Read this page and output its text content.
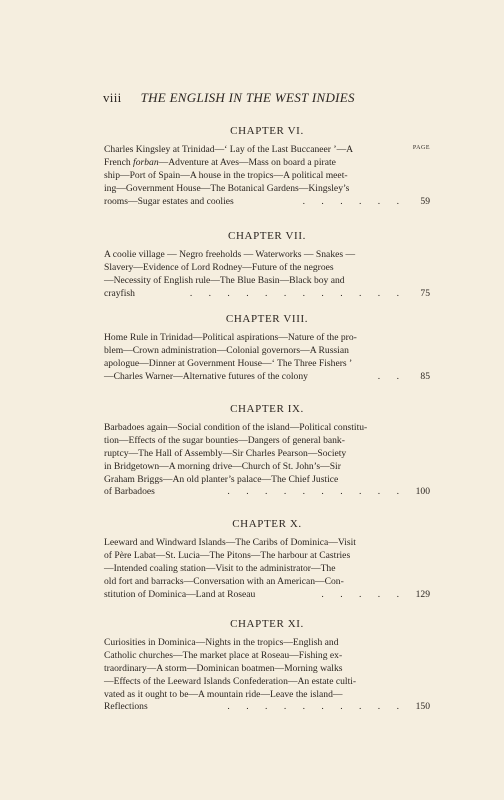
viii THE ENGLISH IN THE WEST INDIES
CHAPTER VI.
PAGE
Charles Kingsley at Trinidad—‘ Lay of the Last Buccaneer ’—A
French forban—Adventure at Aves—Mass on board a pirate
ship—Port of Spain—A house in the tropics—A political meet-
ing—Government House—The Botanical Gardens—Kingsley’s
rooms—Sugar estates and coolies	. . . . . .	59
CHAPTER VII.
A coolie village — Negro freeholds — Waterworks — Snakes —
Slavery—Evidence of Lord Rodney—Future of the negroes
—Necessity of English rule—The Blue Basin—Black boy and
crayfish	. . . . . . . . . . . .	75
CHAPTER VIII.
Home Rule in Trinidad—Political aspirations—Nature of the pro-
blem—Crown administration—Colonial governors—A Russian
apologue—Dinner at Government House—‘ The Three Fishers ’
—Charles Warner—Alternative futures of the colony	. .	85
CHAPTER IX.
Barbadoes again—Social condition of the island—Political constitu-
tion—Effects of the sugar bounties—Dangers of general bank-
ruptcy—The Hall of Assembly—Sir Charles Pearson—Society
in Bridgetown—A morning drive—Church of St. John’s—Sir
Graham Briggs—An old planter’s palace—The Chief Justice
of Barbadoes	. . . . . . . . . .	100
CHAPTER X.
Leeward and Windward Islands—The Caribs of Dominica—Visit
of Père Labat—St. Lucia—The Pitons—The harbour at Castries
—Intended coaling station—Visit to the administrator—The
old fort and barracks—Conversation with an American—Con-
stitution of Dominica—Land at Roseau	. . . . .	129
CHAPTER XI.
Curiosities in Dominica—Nights in the tropics—English and
Catholic churches—The market place at Roseau—Fishing ex-
traordinary—A storm—Dominican boatmen—Morning walks
—Effects of the Leeward Islands Confederation—An estate culti-
vated as it ought to be—A mountain ride—Leave the island—
Reflections	. . . . . . . . . .	150
